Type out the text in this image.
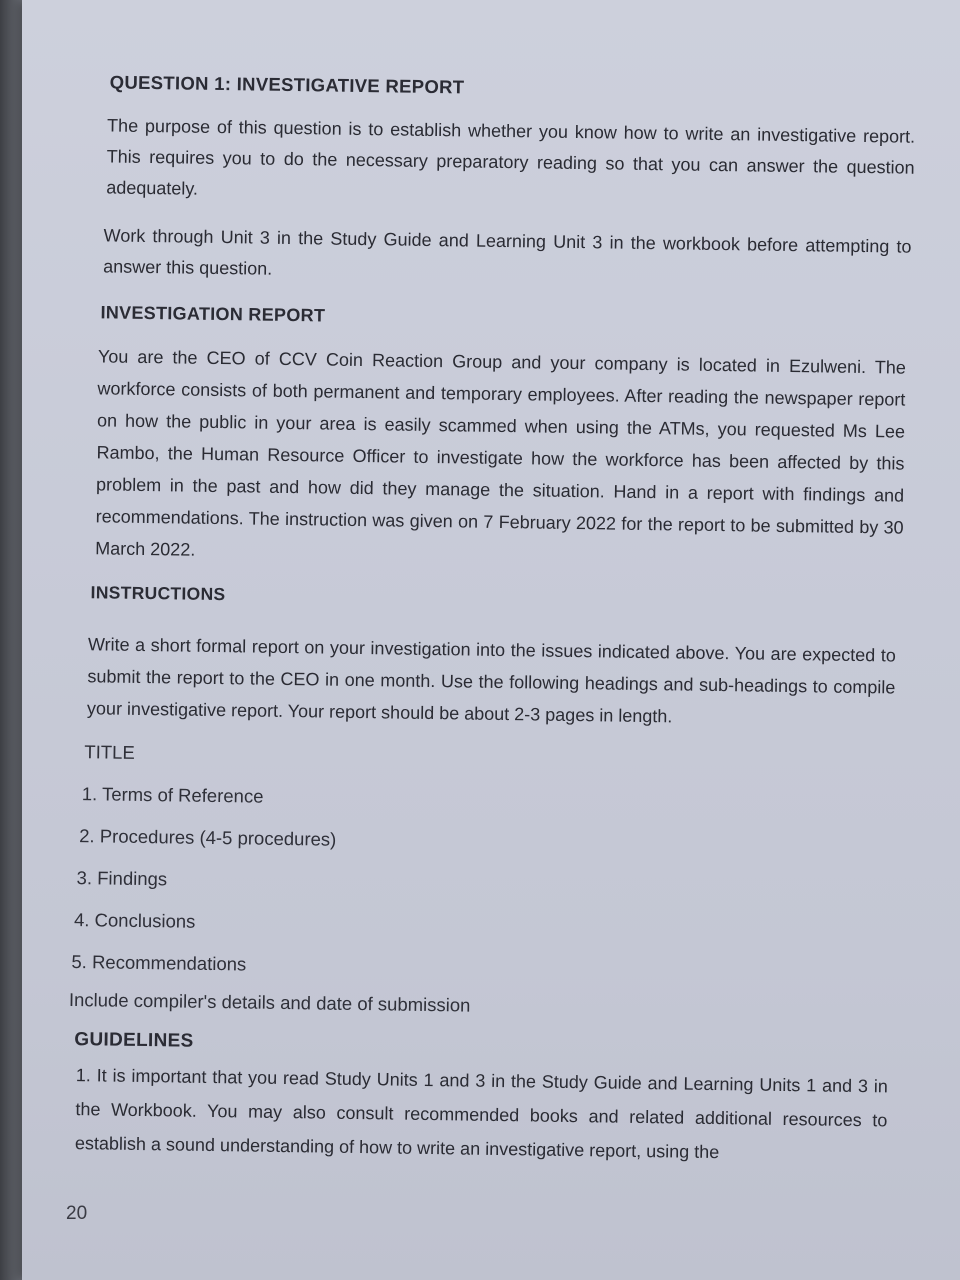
QUESTION 1: INVESTIGATIVE REPORT

The purpose of this question is to establish whether you know how to write an investigative report. This requires you to do the necessary preparatory reading so that you can answer the question adequately.

Work through Unit 3 in the Study Guide and Learning Unit 3 in the workbook before attempting to answer this question.

INVESTIGATION REPORT

You are the CEO of CCV Coin Reaction Group and your company is located in Ezulweni. The workforce consists of both permanent and temporary employees. After reading the newspaper report on how the public in your area is easily scammed when using the ATMs, you requested Ms Lee Rambo, the Human Resource Officer to investigate how the workforce has been affected by this problem in the past and how did they manage the situation. Hand in a report with findings and recommendations. The instruction was given on 7 February 2022 for the report to be submitted by 30 March 2022.

INSTRUCTIONS

Write a short formal report on your investigation into the issues indicated above. You are expected to submit the report to the CEO in one month. Use the following headings and sub-headings to compile your investigative report. Your report should be about 2-3 pages in length.

TITLE

1. Terms of Reference

2. Procedures (4-5 procedures)

3. Findings

4. Conclusions

5. Recommendations

Include compiler's details and date of submission

GUIDELINES

1. It is important that you read Study Units 1 and 3 in the Study Guide and Learning Units 1 and 3 in the Workbook. You may also consult recommended books and related additional resources to establish a sound understanding of how to write an investigative report, using the

20
